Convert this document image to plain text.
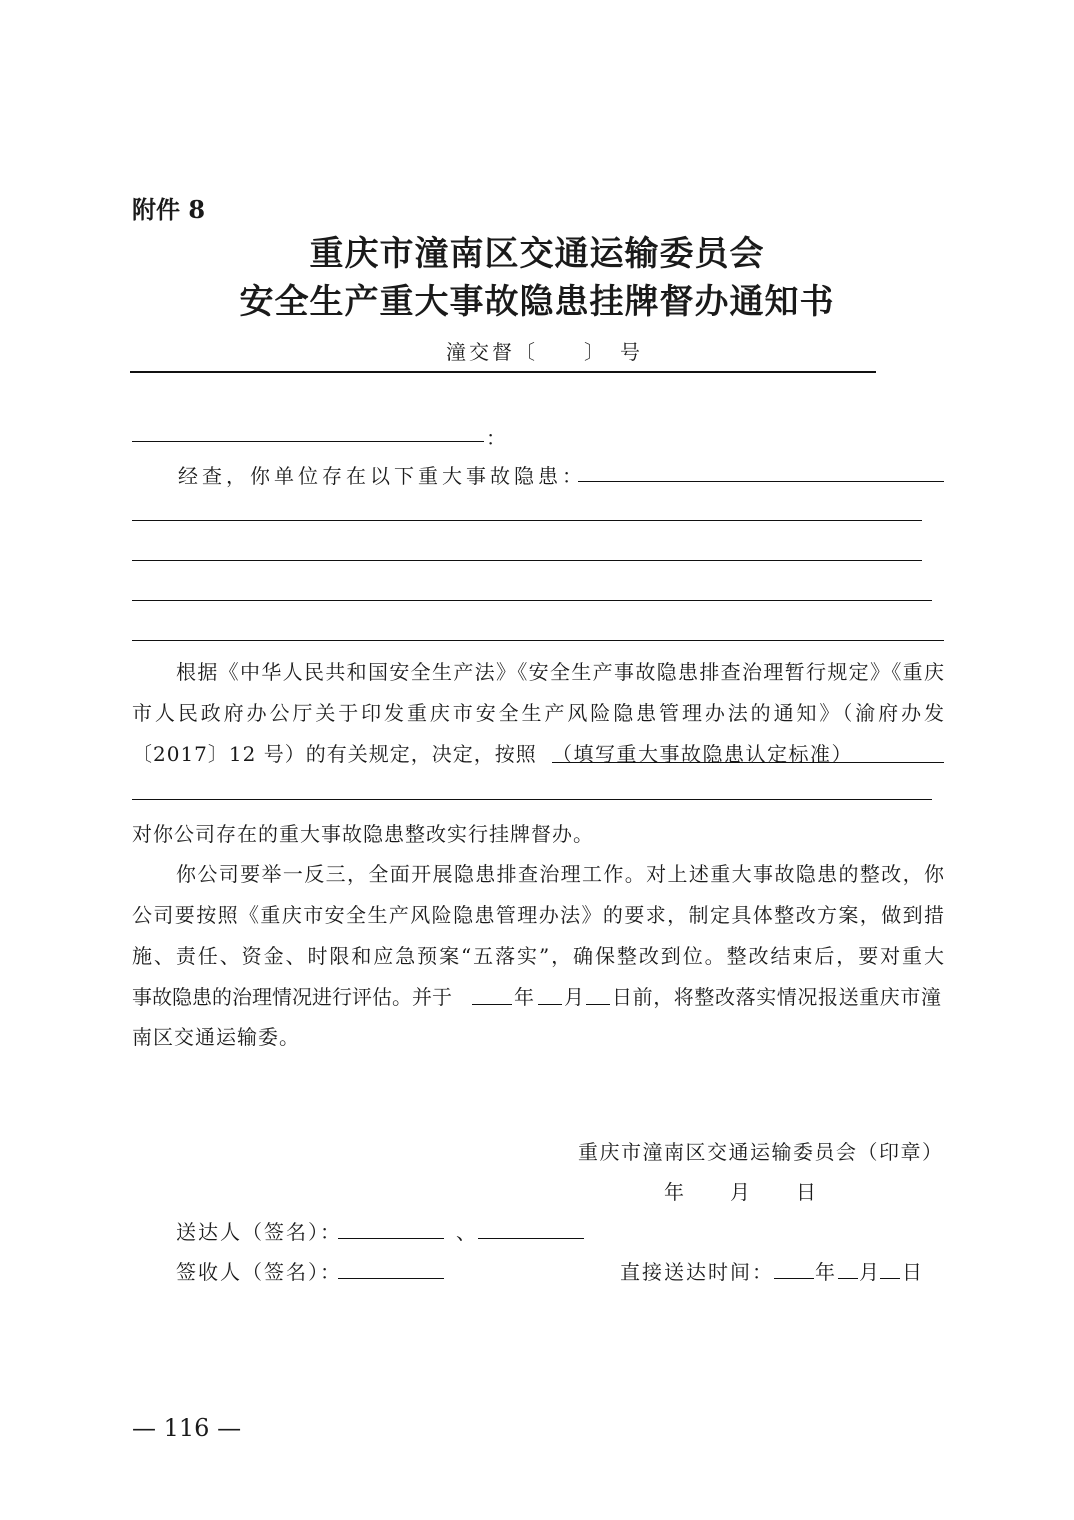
附件 8
重庆市潼南区交通运输委员会
安全生产重大事故隐患挂牌督办通知书
潼交督〔　　〕　号
：
经查，你单位存在以下重大事故隐患：
根据《中华人民共和国安全生产法》《安全生产事故隐患排查治理暂行规定》《重庆
市人民政府办公厅关于印发重庆市安全生产风险隐患管理办法的通知》（渝府办发
〔2017〕12 号）的有关规定，决定，按照 （填写重大事故隐患认定标准）
对你公司存在的重大事故隐患整改实行挂牌督办。
你公司要举一反三，全面开展隐患排查治理工作。对上述重大事故隐患的整改，你
公司要按照《重庆市安全生产风险隐患管理办法》的要求，制定具体整改方案，做到措
施、责任、资金、时限和应急预案“五落实”，确保整改到位。整改结束后，要对重大
事故隐患的治理情况进行评估。并于	年 月 日前，将整改落实情况报送重庆市潼
南区交通运输委。
重庆市潼南区交通运输委员会（印章）
年　　月　　日
送达人（签名）：	、
签收人（签名）：	直接送达时间： 年 月 日
— 116 —
